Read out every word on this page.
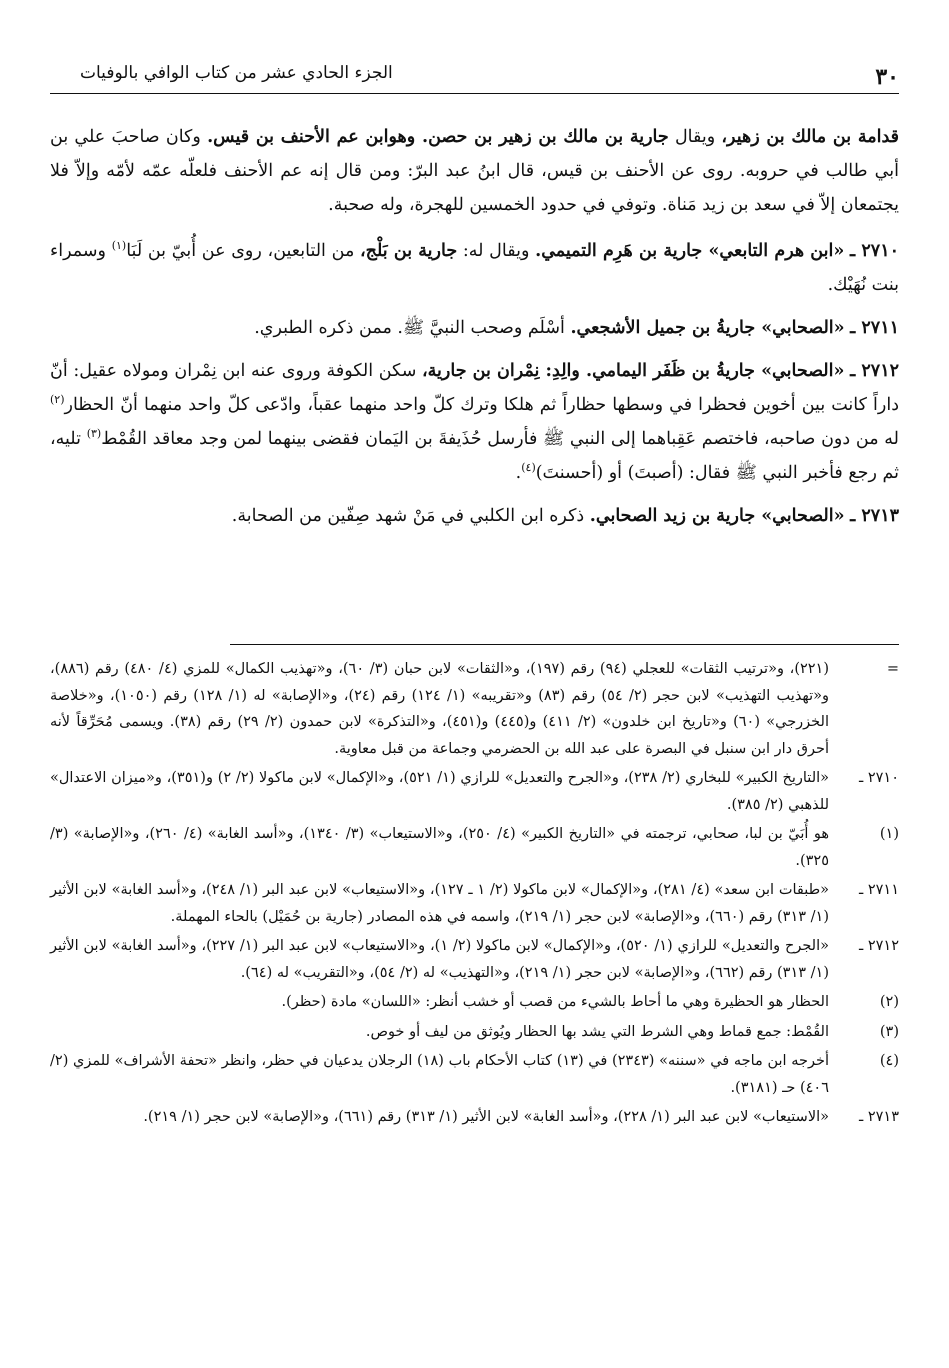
٣٠
الجزء الحادي عشر من كتاب الوافي بالوفيات

قدامة بن مالك بن زهير، ويقال جارية بن مالك بن زهير بن حصن. وهوابن عم الأحنف بن قيس. وكان صاحبَ علي بن أبي طالب في حروبه. روى عن الأحنف بن قيس، قال ابنُ عبد البرّ: ومن قال إنه عم الأحنف فلعلّه عمّه لأمّه وإلاّ فلا يجتمعان إلاّ في سعد بن زيد مَناة. وتوفي في حدود الخمسين للهجرة، وله صحبة.

٢٧١٠ ـ «ابن هرم التابعي» جارية بن هَرِم التميمي. ويقال له: جارية بن بَلْج، من التابعين، روى عن أُبيّ بن لَبَا$^{(١)}$ وسمراء بنت نُهَيْك.

٢٧١١ ـ «الصحابي» جاريةُ بن جميل الأشجعي. أسْلَم وصحب النبيَّ ﷺ. ممن ذكره الطبري.

٢٧١٢ ـ «الصحابي» جاريةُ بن ظَفَر اليمامي. والِدِ: نِمْران بن جارية، سكن الكوفة وروى عنه ابن نِمْران ومولاه عقيل: أنّ داراً كانت بين أخوين فحظرا في وسطها حظاراً ثم هلكا وترك كلّ واحد منهما عقباً، وادّعى كلّ واحد منهما أنّ الحظار$^{(٢)}$ له من دون صاحبه، فاختصم عَقِباهما إلى النبي ﷺ فأرسل حُذَيفةَ بن اليَمان فقضى بينهما لمن وجد معاقد القُمْط$^{(٣)}$ تليه، ثم رجع فأخبر النبي ﷺ فقال: (أصبتَ) أو (أحسنتَ)$^{(٤)}$.

٢٧١٣ ـ «الصحابي» جارية بن زيد الصحابي. ذكره ابن الكلبي في مَنْ شهد صِفّين من الصحابة.

=
(٢٢١)، و«ترتيب الثقات» للعجلي (٩٤) رقم (١٩٧)، و«الثقات» لابن حبان (٣/ ٦٠)، و«تهذيب الكمال» للمزي (٤/ ٤٨٠) رقم (٨٨٦)، و«تهذيب التهذيب» لابن حجر (٢/ ٥٤) رقم (٨٣) و«تقريبه» (١/ ١٢٤) رقم (٢٤)، و«الإصابة» له (١/ ١٢٨) رقم (١٠٥٠)، و«خلاصة الخزرجي» (٦٠) و«تاريخ ابن خلدون» (٢/ ٤١١) و(٤٤٥) و(٤٥١)، و«التذكرة» لابن حمدون (٢/ ٢٩) رقم (٣٨). ويسمى مُحَرِّقاً لأنه أحرق دار ابن سنبل في البصرة على عبد الله بن الحضرمي وجماعة من قبل معاوية.
٢٧١٠ ـ
«التاريخ الكبير» للبخاري (٢/ ٢٣٨)، و«الجرح والتعديل» للرازي (١/ ٥٢١)، و«الإكمال» لابن ماكولا (٢/ ٢) و(٣٥١)، و«ميزان الاعتدال» للذهبي (٢/ ٣٨٥).
(١)
هو أُبَيّ بن لبا، صحابي، ترجمته في «التاريخ الكبير» (٤/ ٢٥٠)، و«الاستيعاب» (٣/ ١٣٤٠)، و«أسد الغابة» (٤/ ٢٦٠)، و«الإصابة» (٣/ ٣٢٥).
٢٧١١ ـ
«طبقات ابن سعد» (٤/ ٢٨١)، و«الإكمال» لابن ماكولا (٢/ ١ ـ ١٢٧)، و«الاستيعاب» لابن عبد البر (١/ ٢٤٨)، و«أسد الغابة» لابن الأثير (١/ ٣١٣) رقم (٦٦٠)، و«الإصابة» لابن حجر (١/ ٢١٩)، واسمه في هذه المصادر (جارية بن حُمَيْل) بالحاء المهملة.
٢٧١٢ ـ
«الجرح والتعديل» للرازي (١/ ٥٢٠)، و«الإكمال» لابن ماكولا (٢/ ١)، و«الاستيعاب» لابن عبد البر (١/ ٢٢٧)، و«أسد الغابة» لابن الأثير (١/ ٣١٣) رقم (٦٦٢)، و«الإصابة» لابن حجر (١/ ٢١٩)، و«التهذيب» له (٢/ ٥٤)، و«التقريب» له (٦٤).
(٢)
الحظار هو الحظيرة وهي ما أحاط بالشيء من قصب أو خشب أنظر: «اللسان» مادة (حظر).
(٣)
القُمْط: جمع قماط وهي الشرط التي يشد بها الحظار ويُوثق من ليف أو خوص.
(٤)
أخرجه ابن ماجه في «سننه» (٢٣٤٣) في (١٣) كتاب الأحكام باب (١٨) الرجلان يدعيان في حظر، وانظر «تحفة الأشراف» للمزي (٢/ ٤٠٦) حـ (٣١٨١).
٢٧١٣ ـ
«الاستيعاب» لابن عبد البر (١/ ٢٢٨)، و«أسد الغابة» لابن الأثير (١/ ٣١٣) رقم (٦٦١)، و«الإصابة» لابن حجر (١/ ٢١٩).
